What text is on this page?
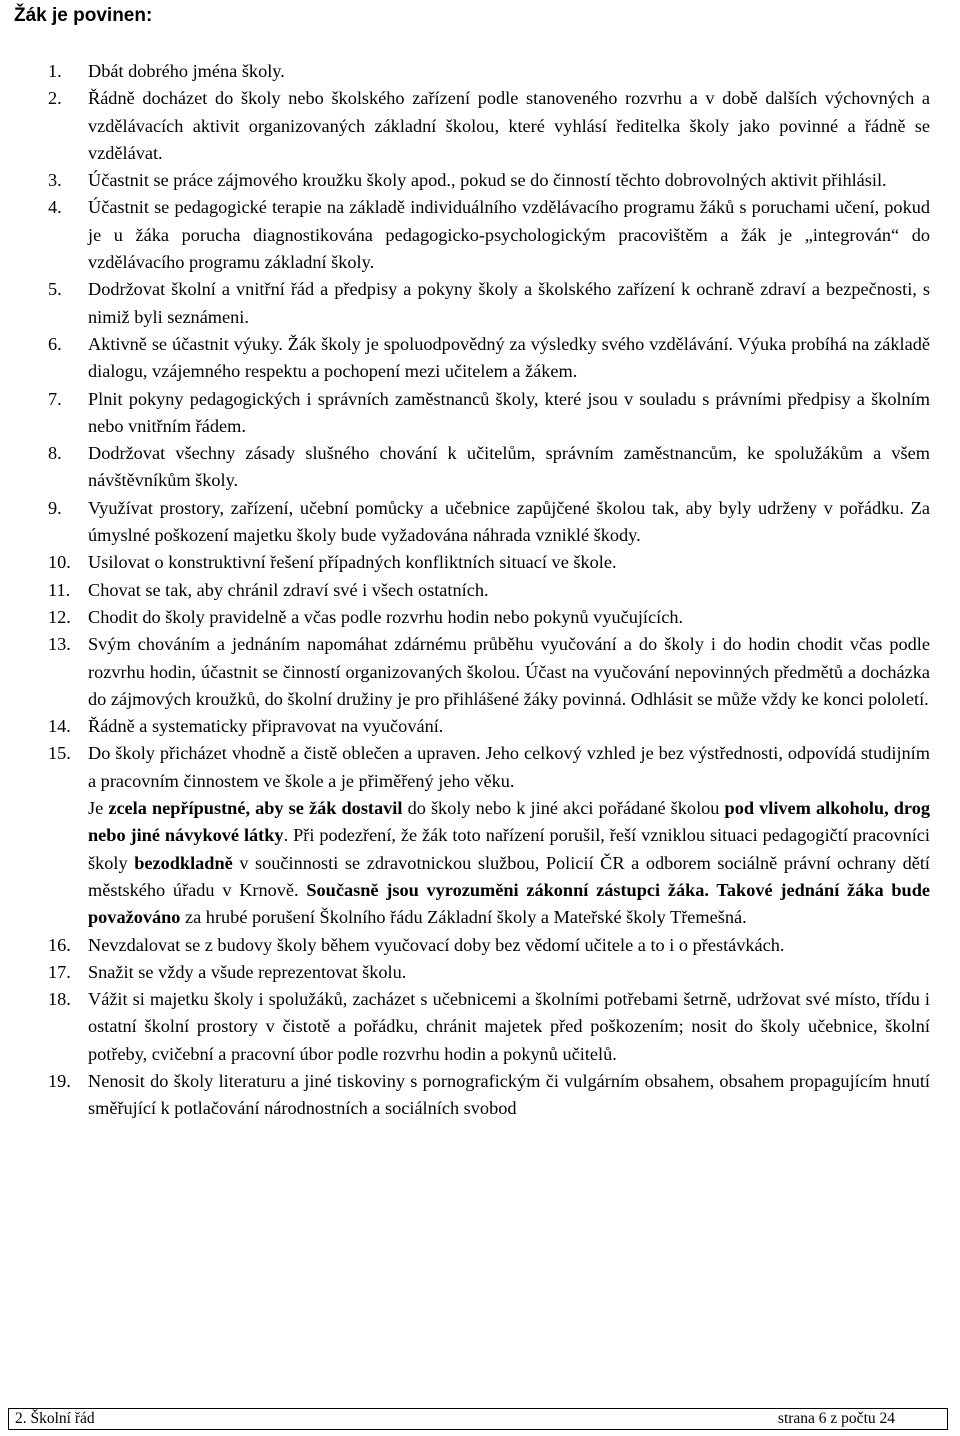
Žák je povinen:
1.	Dbát dobrého jména školy.
2.	Řádně docházet do školy nebo školského zařízení podle stanoveného rozvrhu a v době dalších výchovných a vzdělávacích aktivit organizovaných základní školou, které vyhlásí ředitelka školy jako povinné a řádně se vzdělávat.
3.	Účastnit se práce zájmového kroužku školy apod., pokud se do činností těchto dobrovolných aktivit přihlásil.
4.	Účastnit se pedagogické terapie na základě individuálního vzdělávacího programu žáků s poruchami učení, pokud je u žáka porucha diagnostikována pedagogicko-psychologickým pracovištěm a žák je „integrován“ do vzdělávacího programu základní školy.
5.	Dodržovat školní a vnitřní řád a předpisy a pokyny školy a školského zařízení k ochraně zdraví a bezpečnosti, s nimiž byli seznámeni.
6.	Aktivně se účastnit výuky. Žák školy je spoluodpovědný za výsledky svého vzdělávání. Výuka probíhá na základě dialogu, vzájemného respektu a pochopení mezi učitelem a žákem.
7.	Plnit pokyny pedagogických i správních zaměstnanců školy, které jsou v souladu s právními předpisy a školním nebo vnitřním řádem.
8.	Dodržovat všechny zásady slušného chování k učitelům, správním zaměstnancům, ke spolužákům a všem návštěvníkům školy.
9.	Využívat prostory, zařízení, učební pomůcky a učebnice zapůjčené školou tak, aby byly udrženy v pořádku. Za úmyslné poškození majetku školy bude vyžadována náhrada vzniklé škody.
10. Usilovat o konstruktivní řešení případných konfliktních situací ve škole.
11. Chovat se tak, aby chránil zdraví své i všech ostatních.
12. Chodit do školy pravidelně a včas podle rozvrhu hodin nebo pokynů vyučujících.
13. Svým chováním a jednáním napomáhat zdárnému průběhu vyučování a do školy i do hodin chodit včas podle rozvrhu hodin, účastnit se činností organizovaných školou. Účast na vyučování nepovinných předmětů a docházka do zájmových kroužků, do školní družiny je pro přihlášené žáky povinná. Odhlásit se může vždy ke konci pololetí.
14. Řádně a systematicky připravovat na vyučování.
15. Do školy přicházet vhodně a čistě oblečen a upraven. Jeho celkový vzhled je bez výstřednosti, odpovídá studijním a pracovním činnostem ve škole a je přiměřený jeho věku.
Je zcela nepřípustné, aby se žák dostavil do školy nebo k jiné akci pořádané školou pod vlivem alkoholu, drog nebo jiné návykové látky. Při podezření, že žák toto nařízení porušil, řeší vzniklou situaci pedagogičtí pracovníci školy bezodkladně v součinnosti se zdravotnickou službou, Policií ČR a odborem sociálně právní ochrany dětí městského úřadu v Krnově. Současně jsou vyrozuměni zákonní zástupci žáka. Takové jednání žáka bude považováno za hrubé porušení Školního řádu Základní školy a Mateřské školy Třemešná.
16. Nevzdalovat se z budovy školy během vyučovací doby bez vědomí učitele a to i o přestávkách.
17. Snažit se vždy a všude reprezentovat školu.
18. Vážit si majetku školy i spolužáků, zacházet s učebnicemi a školními potřebami šetrně, udržovat své místo, třídu i ostatní školní prostory v čistotě a pořádku, chránit majetek před poškozením; nosit do školy učebnice, školní potřeby, cvičební a pracovní úbor podle rozvrhu hodin a pokynů učitelů.
19. Nenosit do školy literaturu a jiné tiskoviny s pornografickým či vulgárním obsahem, obsahem propagujícím hnutí směřující k potlačování národnostních a sociálních svobod
2. Školní řád	strana 6 z počtu 24
